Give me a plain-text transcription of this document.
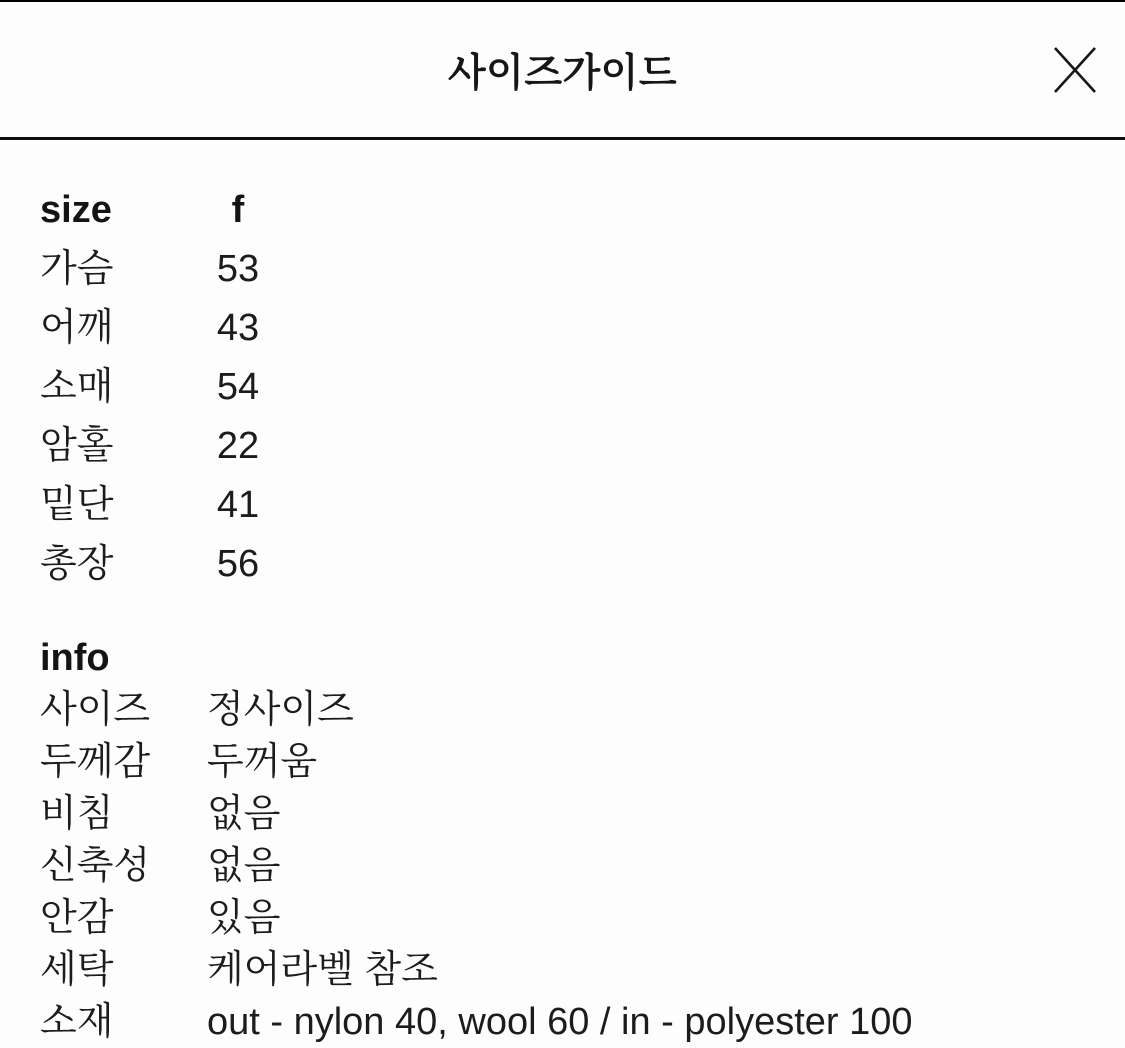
사이즈가이드
size	f
가슴	53
어깨	43
소매	54
암홀	22
밑단	41
총장	56
info
사이즈	정사이즈
두께감	두꺼움
비침	없음
신축성	없음
안감	있음
세탁	케어라벨 참조
소재	out - nylon 40, wool 60 / in - polyester 100
